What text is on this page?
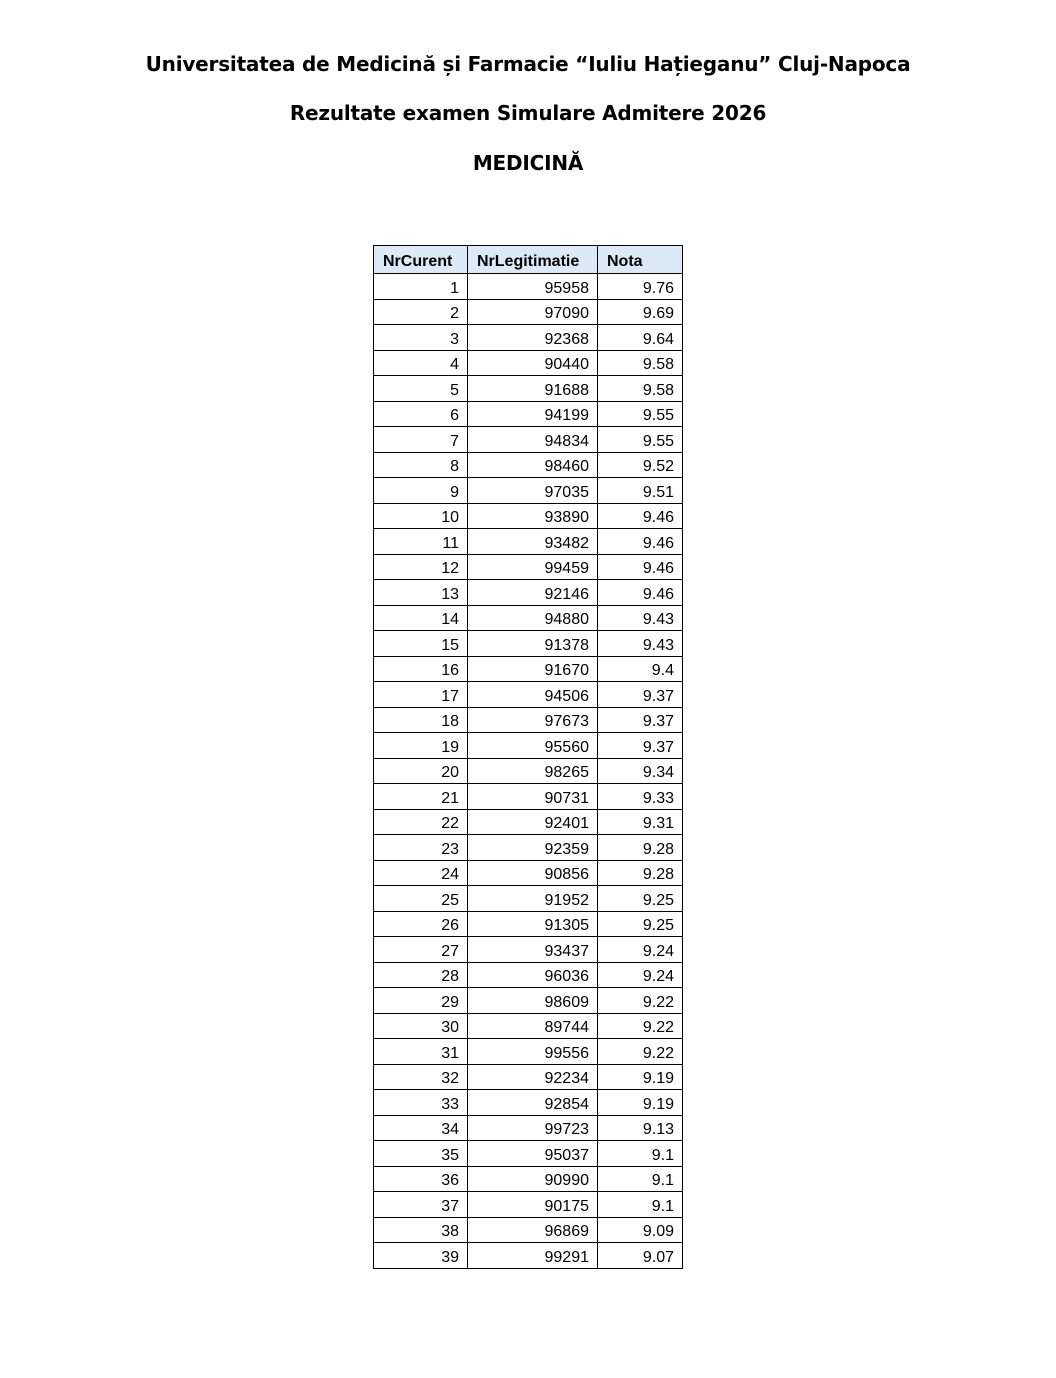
Universitatea de Medicină și Farmacie “Iuliu Hațieganu” Cluj-Napoca
Rezultate examen Simulare Admitere 2026
MEDICINĂ
NrCurent	NrLegitimatie	Nota
1	95958	9.76
2	97090	9.69
3	92368	9.64
4	90440	9.58
5	91688	9.58
6	94199	9.55
7	94834	9.55
8	98460	9.52
9	97035	9.51
10	93890	9.46
11	93482	9.46
12	99459	9.46
13	92146	9.46
14	94880	9.43
15	91378	9.43
16	91670	9.4
17	94506	9.37
18	97673	9.37
19	95560	9.37
20	98265	9.34
21	90731	9.33
22	92401	9.31
23	92359	9.28
24	90856	9.28
25	91952	9.25
26	91305	9.25
27	93437	9.24
28	96036	9.24
29	98609	9.22
30	89744	9.22
31	99556	9.22
32	92234	9.19
33	92854	9.19
34	99723	9.13
35	95037	9.1
36	90990	9.1
37	90175	9.1
38	96869	9.09
39	99291	9.07
